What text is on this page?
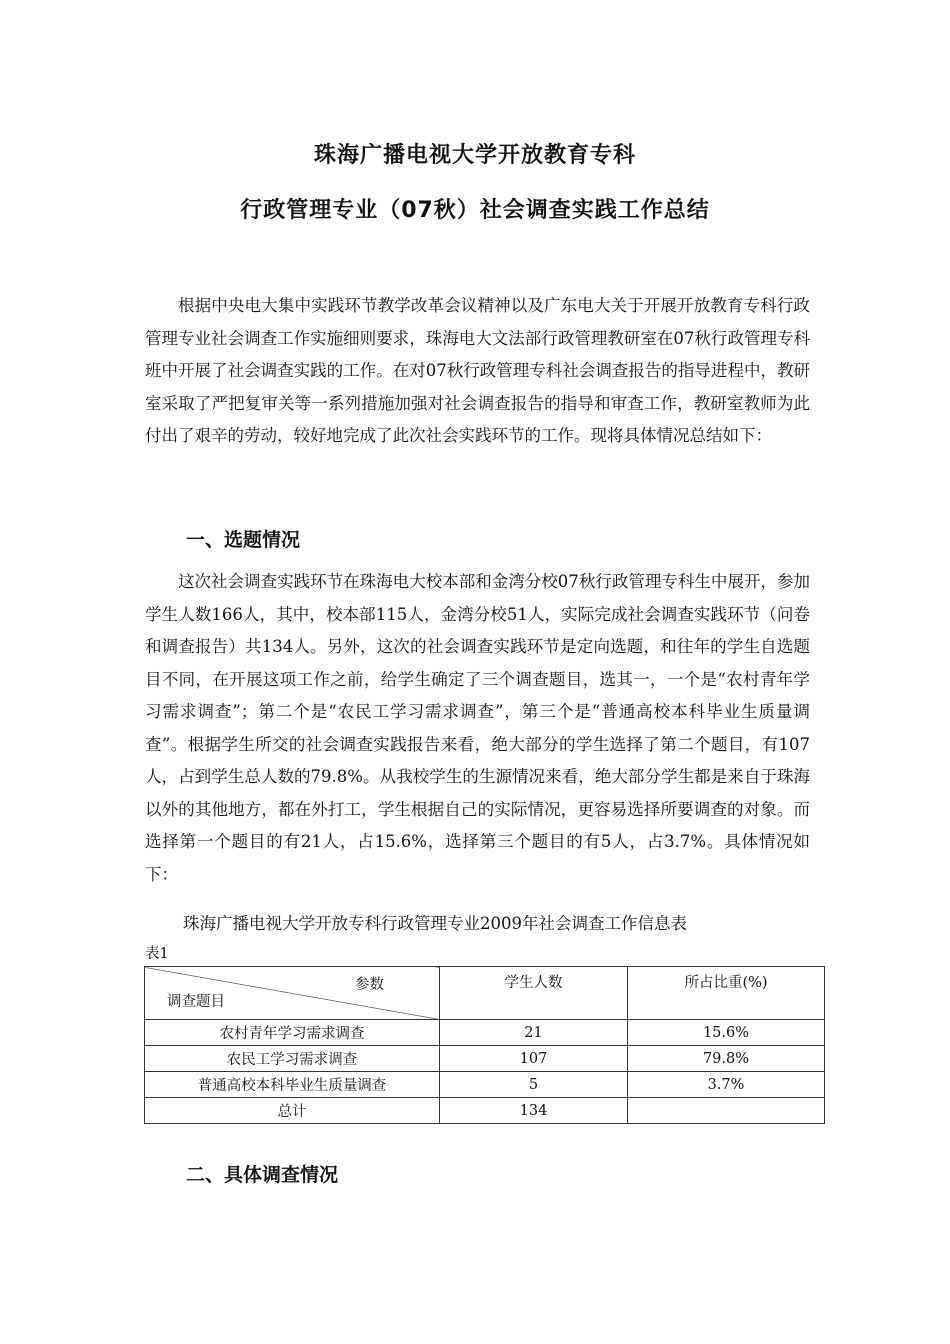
珠海广播电视大学开放教育专科
行政管理专业（07秋）社会调查实践工作总结

根据中央电大集中实践环节教学改革会议精神以及广东电大关于开展开放教育专科行政管理专业社会调查工作实施细则要求，珠海电大文法部行政管理教研室在07秋行政管理专科班中开展了社会调查实践的工作。在对07秋行政管理专科社会调查报告的指导进程中，教研室采取了严把复审关等一系列措施加强对社会调查报告的指导和审查工作，教研室教师为此付出了艰辛的劳动，较好地完成了此次社会实践环节的工作。现将具体情况总结如下：

一、选题情况

这次社会调查实践环节在珠海电大校本部和金湾分校07秋行政管理专科生中展开，参加学生人数166人，其中，校本部115人，金湾分校51人，实际完成社会调查实践环节（问卷和调查报告）共134人。另外，这次的社会调查实践环节是定向选题，和往年的学生自选题目不同，在开展这项工作之前，给学生确定了三个调查题目，选其一，一个是“农村青年学习需求调查”；第二个是“农民工学习需求调查”，第三个是“普通高校本科毕业生质量调查”。根据学生所交的社会调查实践报告来看，绝大部分的学生选择了第二个题目，有107人，占到学生总人数的79.8%。从我校学生的生源情况来看，绝大部分学生都是来自于珠海以外的其他地方，都在外打工，学生根据自己的实际情况，更容易选择所要调查的对象。而选择第一个题目的有21人，占15.6%，选择第三个题目的有5人，占3.7%。具体情况如下：

珠海广播电视大学开放专科行政管理专业2009年社会调查工作信息表
表1
参数
调查题目	学生人数	所占比重(%)
农村青年学习需求调查	21	15.6%
农民工学习需求调查	107	79.8%
普通高校本科毕业生质量调查	5	3.7%
总计	134	
二、具体调查情况
